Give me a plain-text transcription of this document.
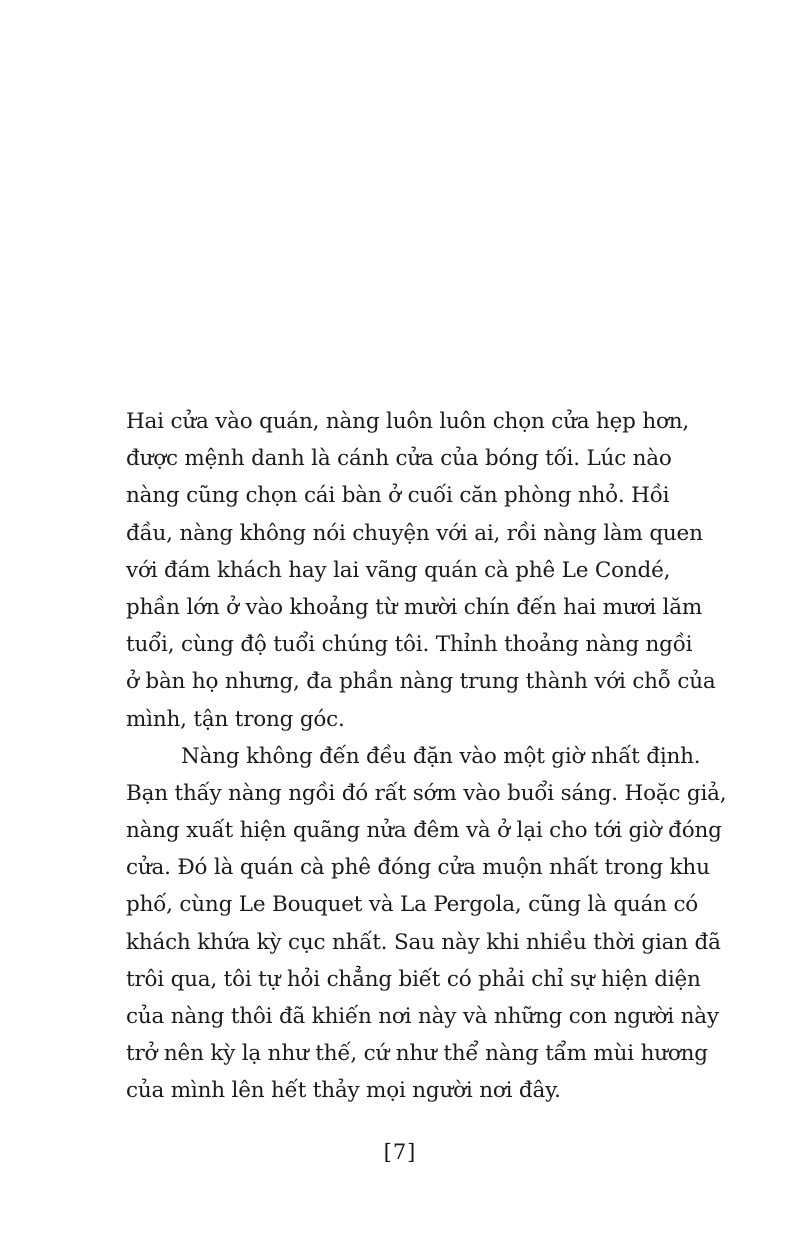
Hai cửa vào quán, nàng luôn luôn chọn cửa hẹp hơn,
được mệnh danh là cánh cửa của bóng tối. Lúc nào
nàng cũng chọn cái bàn ở cuối căn phòng nhỏ. Hồi
đầu, nàng không nói chuyện với ai, rồi nàng làm quen
với đám khách hay lai vãng quán cà phê Le Condé,
phần lớn ở vào khoảng từ mười chín đến hai mươi lăm
tuổi, cùng độ tuổi chúng tôi. Thỉnh thoảng nàng ngồi
ở bàn họ nhưng, đa phần nàng trung thành với chỗ của
mình, tận trong góc.
Nàng không đến đều đặn vào một giờ nhất định.
Bạn thấy nàng ngồi đó rất sớm vào buổi sáng. Hoặc giả,
nàng xuất hiện quãng nửa đêm và ở lại cho tới giờ đóng
cửa. Đó là quán cà phê đóng cửa muộn nhất trong khu
phố, cùng Le Bouquet và La Pergola, cũng là quán có
khách khứa kỳ cục nhất. Sau này khi nhiều thời gian đã
trôi qua, tôi tự hỏi chẳng biết có phải chỉ sự hiện diện
của nàng thôi đã khiến nơi này và những con người này
trở nên kỳ lạ như thế, cứ như thể nàng tẩm mùi hương
của mình lên hết thảy mọi người nơi đây.
[7]
